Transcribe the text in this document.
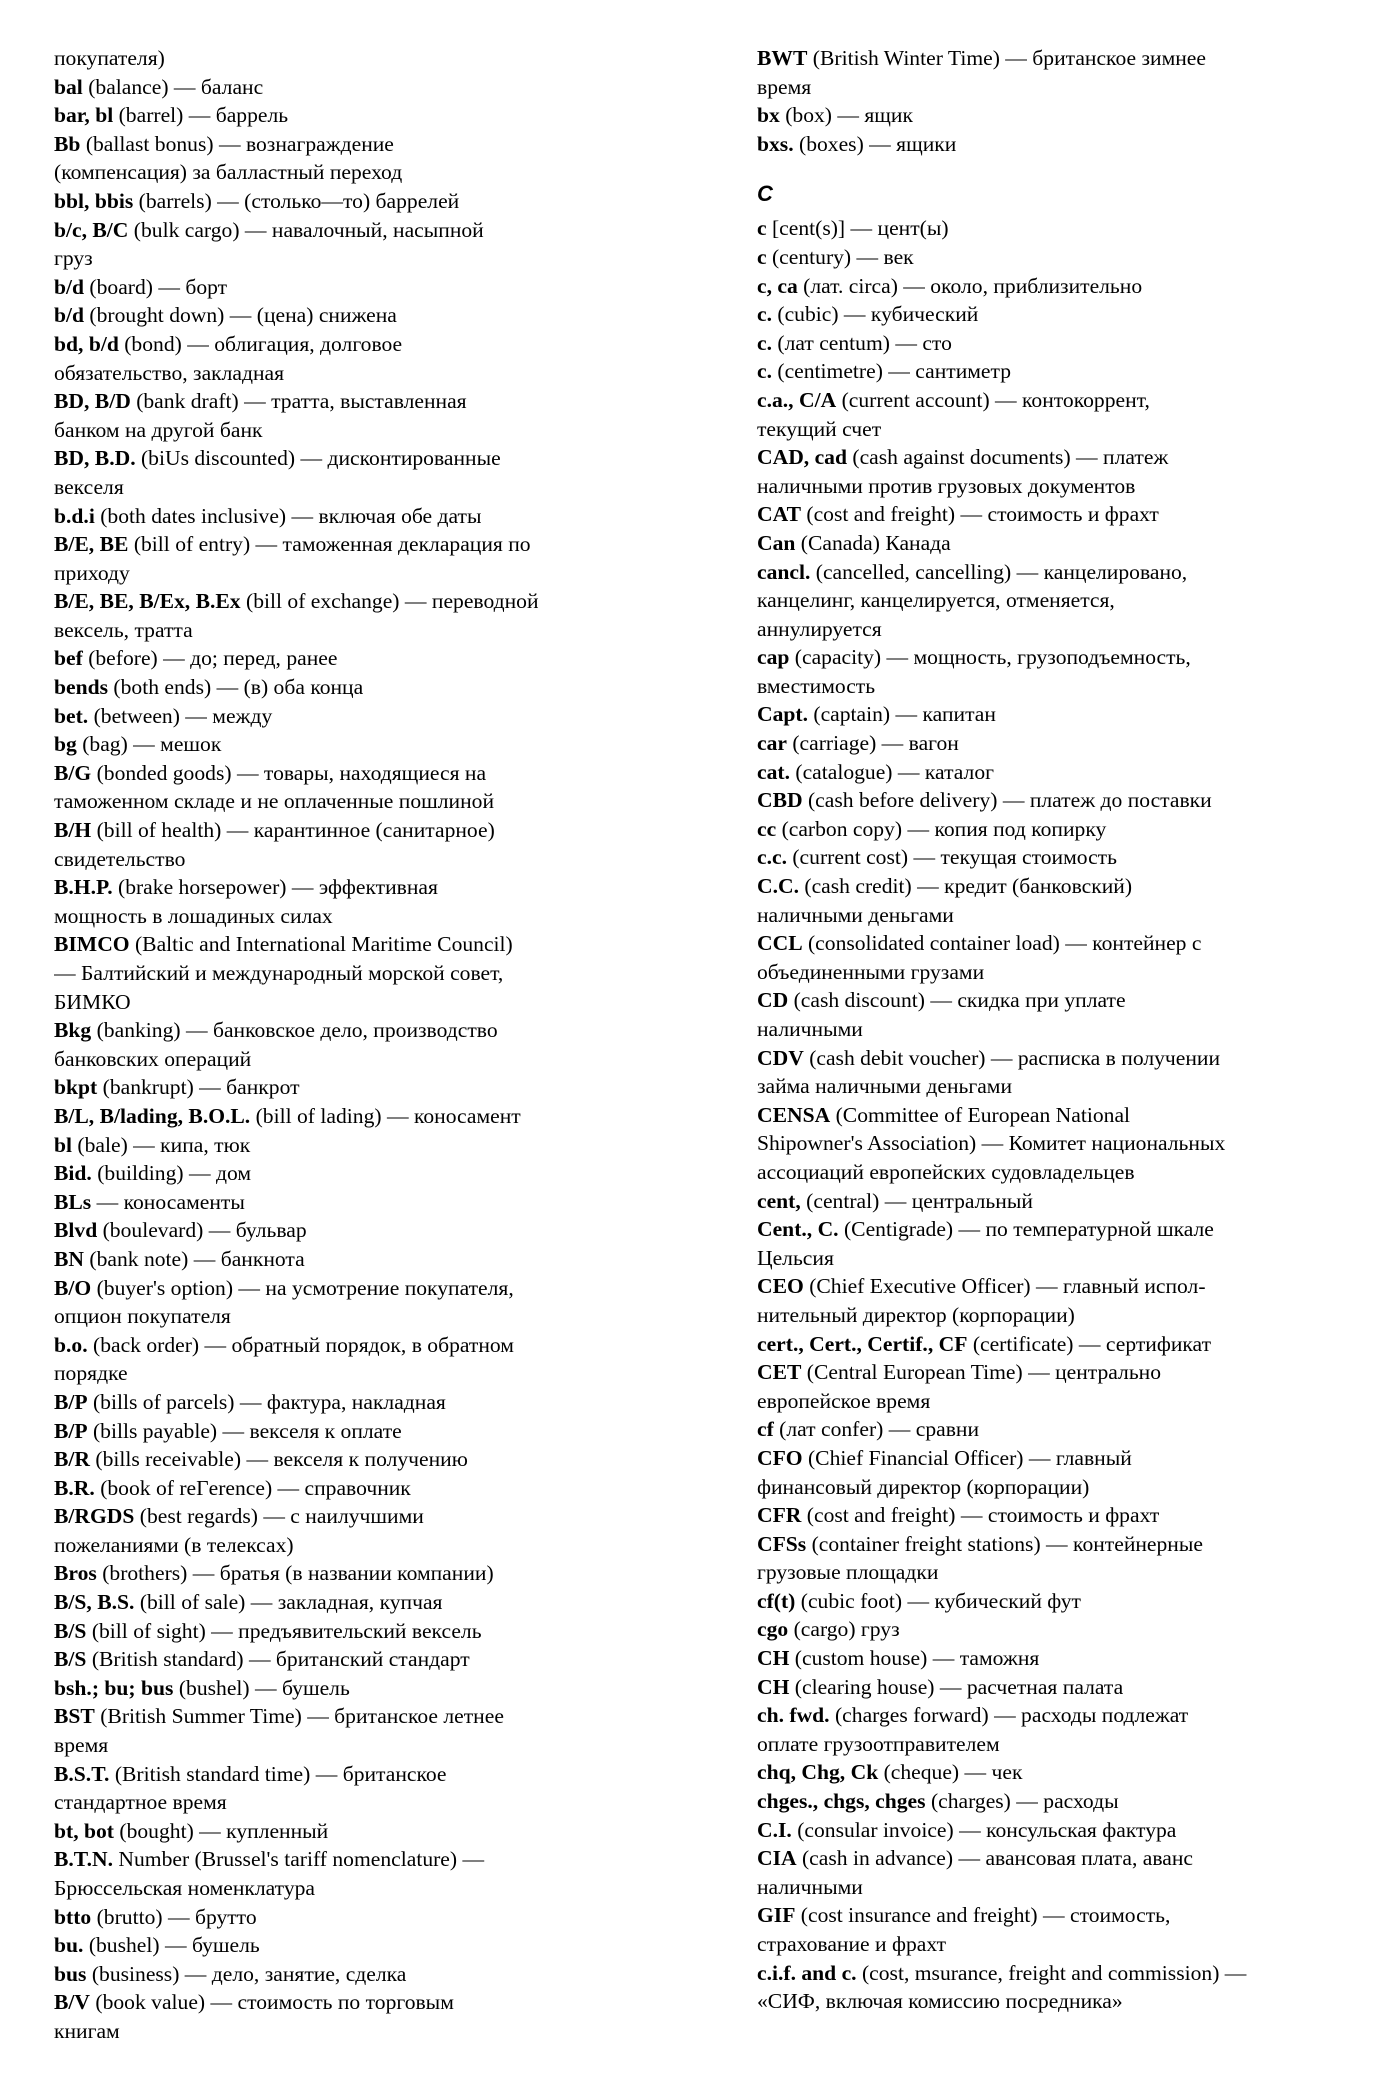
покупателя)
bal (balance) — баланс
bar, bl (barrel) — баррель
Bb (ballast bonus) — вознаграждение
(компенсация) за балластный переход
bbl, bbis (barrels) — (столько—то) баррелей
b/c, B/C (bulk cargo) — навалочный, насыпной
груз
b/d (board) — борт
b/d (brought down) — (цена) снижена
bd, b/d (bond) — облигация, долговое
обязательство, закладная
BD, B/D (bank draft) — тратта, выставленная
банком на другой банк
BD, B.D. (biUs discounted) — дисконтированные
векселя
b.d.i (both dates inclusive) — включая обе даты
B/E, BE (bill of entry) — таможенная декларация по
приходу
B/E, BE, B/Ex, B.Ex (bill of exchange) — переводной
вексель, тратта
bef (before) — до; перед, ранее
bends (both ends) — (в) оба конца
bet. (between) — между
bg (bag) — мешок
B/G (bonded goods) — товары, находящиеся на
таможенном складе и не оплаченные пошлиной
B/H (bill of health) — карантинное (санитарное)
свидетельство
B.H.P. (brake horsepower) — эффективная
мощность в лошадиных силах
BIMCO (Baltic and International Maritime Council)
— Балтийский и международный морской совет,
БИМКО
Bkg (banking) — банковское дело, производство
банковских операций
bkpt (bankrupt) — банкрот
B/L, B/lading, B.O.L. (bill of lading) — коносамент
bl (bale) — кипа, тюк
Bid. (building) — дом
BLs — коносаменты
Blvd (boulevard) — бульвар
BN (bank note) — банкнота
B/O (buyer's option) — на усмотрение покупателя,
опцион покупателя
b.o. (back order) — обратный порядок, в обратном
порядке
B/P (bills of parcels) — фактура, накладная
B/P (bills payable) — векселя к оплате
B/R (bills receivable) — векселя к получению
B.R. (book of reГerence) — справочник
B/RGDS (best regards) — с наилучшими
пожеланиями (в телексах)
Bros (brothers) — братья (в названии компании)
B/S, B.S. (bill of sale) — закладная, купчая
B/S (bill of sight) — предъявительский вексель
B/S (British standard) — британский стандарт
bsh.; bu; bus (bushel) — бушель
BST (British Summer Time) — британское летнее
время
B.S.T. (British standard time) — британское
стандартное время
bt, bot (bought) — купленный
B.T.N. Number (Brussel's tariff nomenclature) —
Брюссельская номенклатура
btto (brutto) — брутто
bu. (bushel) — бушель
bus (business) — дело, занятие, сделка
B/V (book value) — стоимость по торговым
книгам
BWT (British Winter Time) — британское зимнее
время
bx (box) — ящик
bxs. (boxes) — ящики
C
c [cent(s)] — цент(ы)
c (century) — век
c, ca (лат. circa) — около, приблизительно
c. (cubic) — кубический
c. (лат centum) — сто
c. (centimetre) — сантиметр
c.a., C/A (current account) — контокоррент,
текущий счет
CAD, cad (cash against documents) — платеж
наличными против грузовых документов
CAT (cost and freight) — стоимость и фрахт
Can (Canada) Канада
cancl. (cancelled, cancelling) — канцелировано,
канцелинг, канцелируется, отменяется,
аннулируется
cap (capacity) — мощность, грузоподъемность,
вместимость
Capt. (captain) — капитан
car (carriage) — вагон
cat. (catalogue) — каталог
CBD (cash before delivery) — платеж до поставки
cc (carbon copy) — копия под копирку
c.c. (current cost) — текущая стоимость
C.C. (cash credit) — кредит (банковский)
наличными деньгами
CCL (consolidated container load) — контейнер с
объединенными грузами
CD (cash discount) — скидка при уплате
наличными
CDV (cash debit voucher) — расписка в получении
займа наличными деньгами
CENSA (Committee of European National
Shipowner's Association) — Комитет национальных
ассоциаций европейских судовладельцев
cent, (central) — центральный
Cent., C. (Centigrade) — по температурной шкале
Цельсия
CEO (Chief Executive Officer) — главный испол-
нительный директор (корпорации)
cert., Cert., Certif., CF (certificate) — сертификат
CET (Central European Time) — центрально
европейское время
cf (лат confer) — сравни
CFO (Chief Financial Officer) — главный
финансовый директор (корпорации)
CFR (cost and freight) — стоимость и фрахт
CFSs (container freight stations) — контейнерные
грузовые площадки
cf(t) (cubic foot) — кубический фут
cgo (cargo) груз
CH (custom house) — таможня
CH (clearing house) — расчетная палата
ch. fwd. (charges forward) — расходы подлежат
оплате грузоотправителем
chq, Chg, Ck (cheque) — чек
chges., chgs, chges (charges) — расходы
C.I. (consular invoice) — консульская фактура
CIA (cash in advance) — авансовая плата, аванс
наличными
GIF (cost insurance and freight) — стоимость,
страхование и фрахт
c.i.f. and c. (cost, msurance, freight and commission) —
«СИФ, включая комиссию посредника»
